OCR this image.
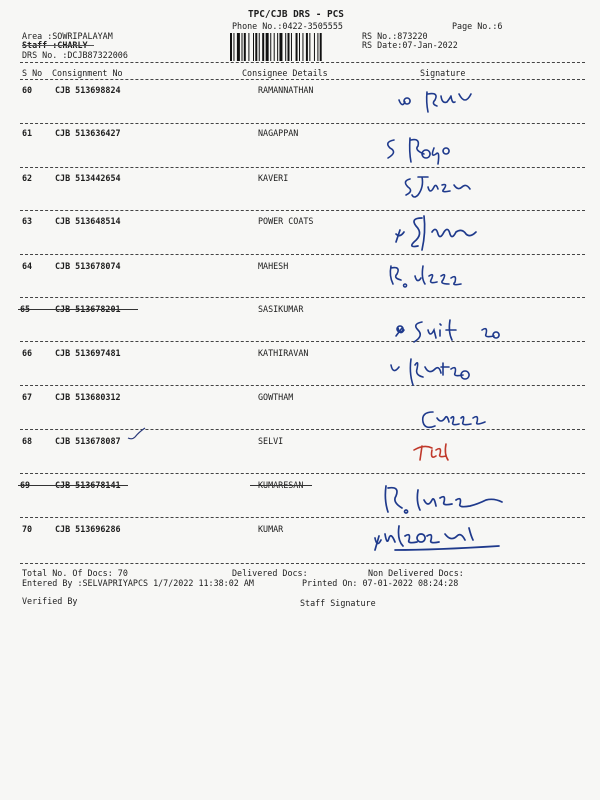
TPC/CJB DRS - PCS
Phone No.:0422-3505555	Page No.:6
Area :SOWRIPALAYAM
Staff :CHARLY
DRS No. :DCJB87322006
RS No.:873220
RS Date:07-Jan-2022
S No Consignment No	Consignee Details	Signature
60	CJB 513698824	RAMANNATHAN
61	CJB 513636427	NAGAPPAN
62	CJB 513442654	KAVERI
63	CJB 513648514	POWER COATS
64	CJB 513678074	MAHESH
65	CJB 513678201	SASIKUMAR
66	CJB 513697481	KATHIRAVAN
67	CJB 513680312	GOWTHAM
68	CJB 513678087	SELVI
69	CJB 513678141	KUMARESAN
70	CJB 513696286	KUMAR
Total No. Of Docs: 70	Delivered Docs:	Non Delivered Docs:
Entered By :SELVAPRIYAPCS 1/7/2022 11:38:02 AM	Printed On: 07-01-2022 08:24:28
Verified By	Staff Signature
